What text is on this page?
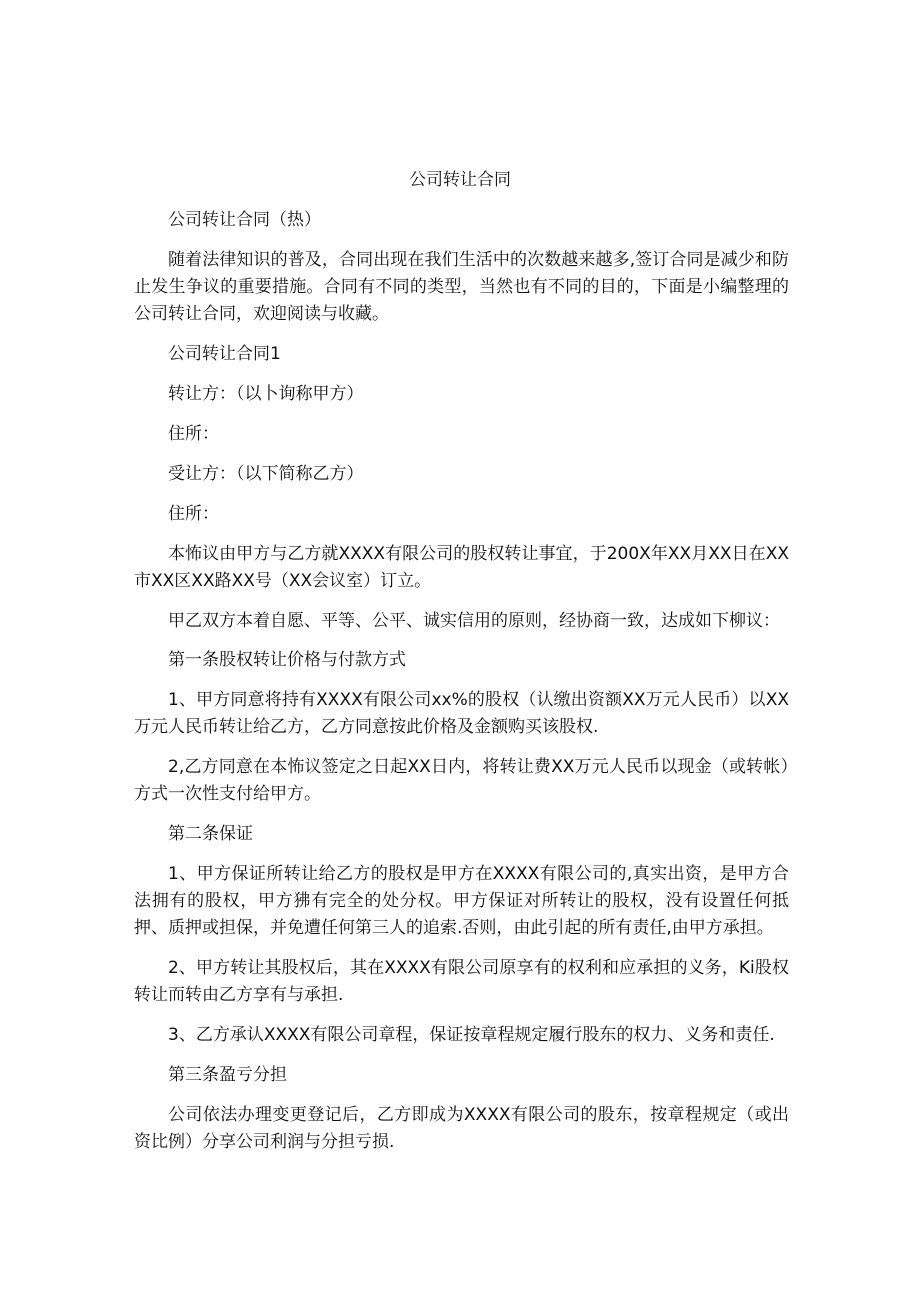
公司转让合同

公司转让合同（热）

随着法律知识的普及，合同出现在我们生活中的次数越来越多,签订合同是减少和防止发生争议的重要措施。合同有不同的类型，当然也有不同的目的，下面是小编整理的公司转让合同，欢迎阅读与收藏。

公司转让合同1

转让方：（以卜询称甲方）

住所：

受让方：（以下简称乙方）

住所：

本怖议由甲方与乙方就XXXX有限公司的股权转让事宜，于200X年XX月XX日在XX市XX区XX路XX号（XX会议室）订立。

甲乙双方本着自愿、平等、公平、诚实信用的原则，经协商一致，达成如下柳议：

第一条股权转让价格与付款方式

1、甲方同意将持有XXXX有限公司xx%的股权（认缴出资额XX万元人民币）以XX万元人民币转让给乙方，乙方同意按此价格及金额购买该股权.

2,乙方同意在本怖议签定之日起XX日内，将转让费XX万元人民币以现金（或转帐）方式一次性支付给甲方。

第二条保证

1、甲方保证所转让给乙方的股权是甲方在XXXX有限公司的,真实出资，是甲方合法拥有的股权，甲方狒有完全的处分权。甲方保证对所转让的股权，没有设置任何抵押、质押或担保，并免遭任何第三人的追索.否则，由此引起的所有责任,由甲方承担。

2、甲方转让其股权后，其在XXXX有限公司原享有的权利和应承担的义务，Ki股权转让而转由乙方享有与承担.

3、乙方承认XXXX有限公司章程，保证按章程规定履行股东的权力、义务和责任.

第三条盈亏分担

公司依法办理变更登记后，乙方即成为XXXX有限公司的股东，按章程规定（或出资比例）分享公司利润与分担亏损.
